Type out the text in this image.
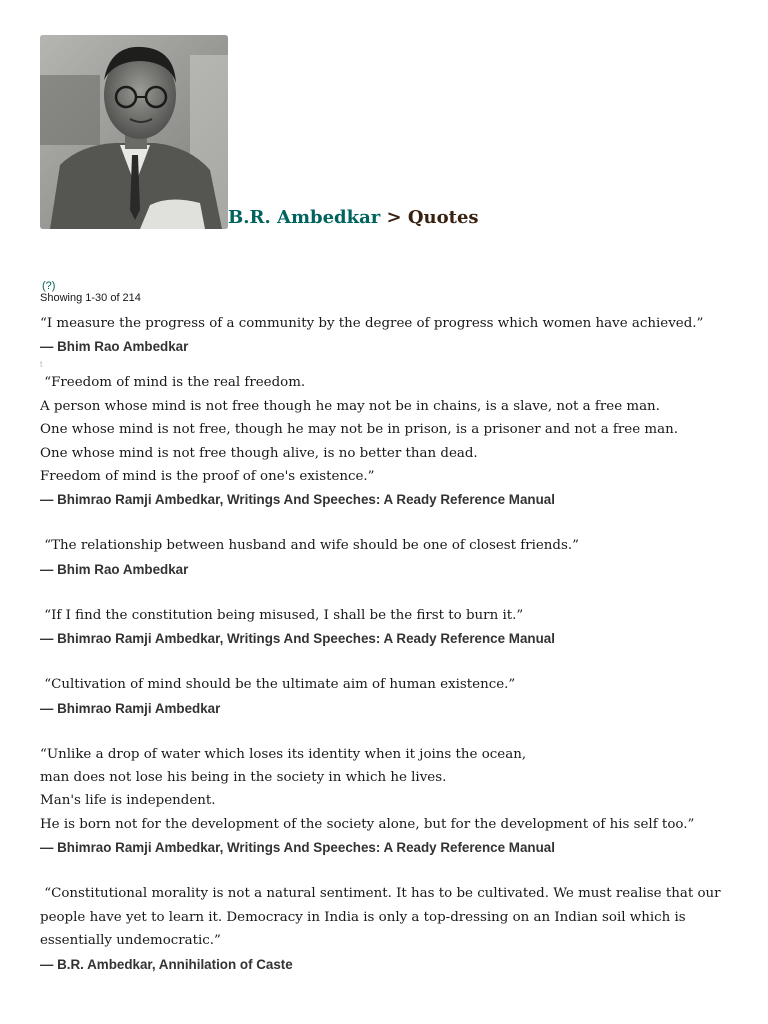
B.R. Ambedkar > Quotes
(?)
Showing 1-30 of 214
“I measure the progress of a community by the degree of progress which women have achieved.”
— Bhim Rao Ambedkar
t
“Freedom of mind is the real freedom.
A person whose mind is not free though he may not be in chains, is a slave, not a free man.
One whose mind is not free, though he may not be in prison, is a prisoner and not a free man.
One whose mind is not free though alive, is no better than dead.
Freedom of mind is the proof of one's existence.”
— Bhimrao Ramji Ambedkar, Writings And Speeches: A Ready Reference Manual
“The relationship between husband and wife should be one of closest friends.”
— Bhim Rao Ambedkar
“If I find the constitution being misused, I shall be the first to burn it.”
— Bhimrao Ramji Ambedkar, Writings And Speeches: A Ready Reference Manual
“Cultivation of mind should be the ultimate aim of human existence.”
— Bhimrao Ramji Ambedkar
“Unlike a drop of water which loses its identity when it joins the ocean,
man does not lose his being in the society in which he lives.
Man's life is independent.
He is born not for the development of the society alone, but for the development of his self too.”
— Bhimrao Ramji Ambedkar, Writings And Speeches: A Ready Reference Manual
“Constitutional morality is not a natural sentiment. It has to be cultivated. We must realise that our people have yet to learn it. Democracy in India is only a top-dressing on an Indian soil which is essentially undemocratic.”
— B.R. Ambedkar, Annihilation of Caste
